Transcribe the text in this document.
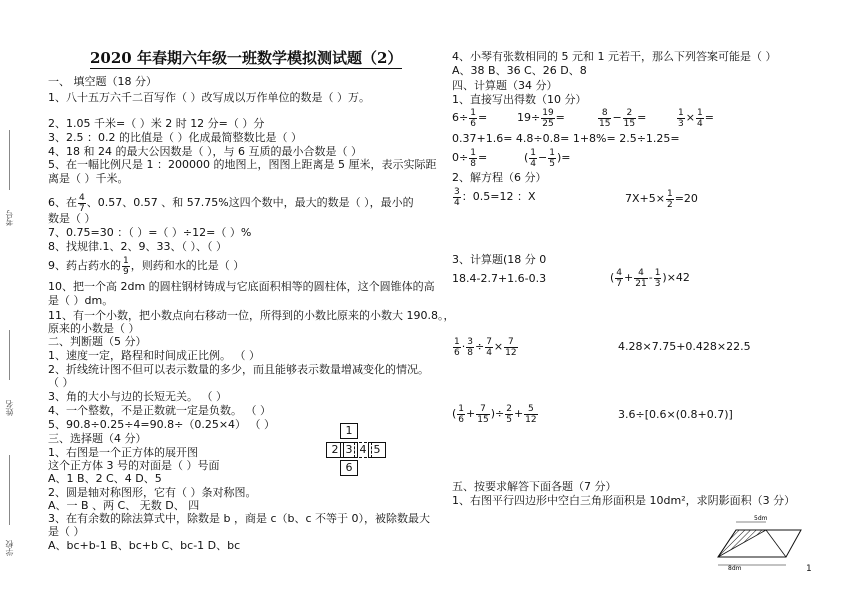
考号
姓名
学校
2020 年春期六年级一班数学模拟测试题（2）
一、 填空题（18 分）
1、八十五万六千二百写作（ ）改写成以万作单位的数是（ ）万。
2、1.05 千米=（ ）米 2 时 12 分=（ ）分
3、2.5 ：0.2 的比值是（ ）化成最简整数比是（ ）
4、18 和 24 的最大公因数是（ ），与 6 互质的最小合数是（ ）
5、在一幅比例尺是 1 ：200000 的地图上，图图上距离是 5 厘米，表示实际距
离是（ ）千米。
6、在 $\frac{4}{7}$ 、0.57、0.57 、和 57.75%这四个数中，最大的数是（ ），最小的
数是（ ）
7、0.75=30 ：（ ）=（ ）÷12=（ ）%
8、找规律.1、2、9、33、（ ）、（ ）
9、药占药水的 $\frac{1}{9}$ ，则药和水的比是（ ）
10、把一个高 2dm 的圆柱钢材铸成与它底面积相等的圆柱体，这个圆锥体的高
是（ ）dm。
11、有一个小数，把小数点向右移动一位，所得到的小数比原来的小数大 190.8。，
原来的小数是（ ）
二、判断题（5 分）
1、速度一定，路程和时间成正比例。 （ ）
2、折线统计图不但可以表示数量的多少，而且能够表示数量增减变化的情况。
（ ）
3、角的大小与边的长短无关。 （ ）
4、一个整数，不是正数就一定是负数。 （ ）
5、90.8÷0.25÷4=90.8÷（0.25×4） （ ）
三、选择题（4 分）
1、右图是一个正方体的展开图
这个正方体 3 号的对面是（ ）号面
A、1 B、2 C、4 D、5
2、圆是轴对称图形，它有（ ）条对称图。
A、一 B 、两 C、 无数 D、 四
3、在有余数的除法算式中，除数是 b ，商是 c（b、c 不等于 0），被除数最大
是（ ）
A、bc+b-1 B、bc+b C、bc-1 D、bc
1
2 3 4 5
6
4、小琴有张数相同的 5 元和 1 元若干，那么下列答案可能是（ ）
A、38 B、36 C、26 D、8
四、计算题（34 分）
1、直接写出得数（10 分）
$6\div \frac{1}{6}$ =	$19\div \frac{19}{25}$ =	$\frac{8}{15} - \frac{2}{15}$ =	$\frac{1}{3} \times \frac{1}{4}$ =
0.37+1.6= 4.8÷0.8= 1+8%= 2.5÷1.25=
$0\div \frac{1}{8}$ =	( $\frac{1}{4} - \frac{1}{5}$ )=
2、解方程（6 分）
$\frac{3}{4}$ ：0.5=12 ：X	$7X+5\times \frac{1}{2} =20$
3、计算题(18 分 0
18.4-2.7+1.6-0.3	( $\frac{4}{7} + \frac{4}{21} - \frac{1}{3} )\times 42$
$\frac{1}{6} \cdot \frac{3}{8} \div \frac{7}{4} \times \frac{7}{12}$	4.28×7.75+0.428×22.5
( $\frac{1}{6} + \frac{7}{15}$ )÷ $\frac{2}{5} + \frac{5}{12}$	3.6÷[0.6×(0.8+0.7)]
五、按要求解答下面各题（7 分）
1、右图平行四边形中空白三角形面积是 10dm²，求阴影面积（3 分）
5dm
8dm	1
